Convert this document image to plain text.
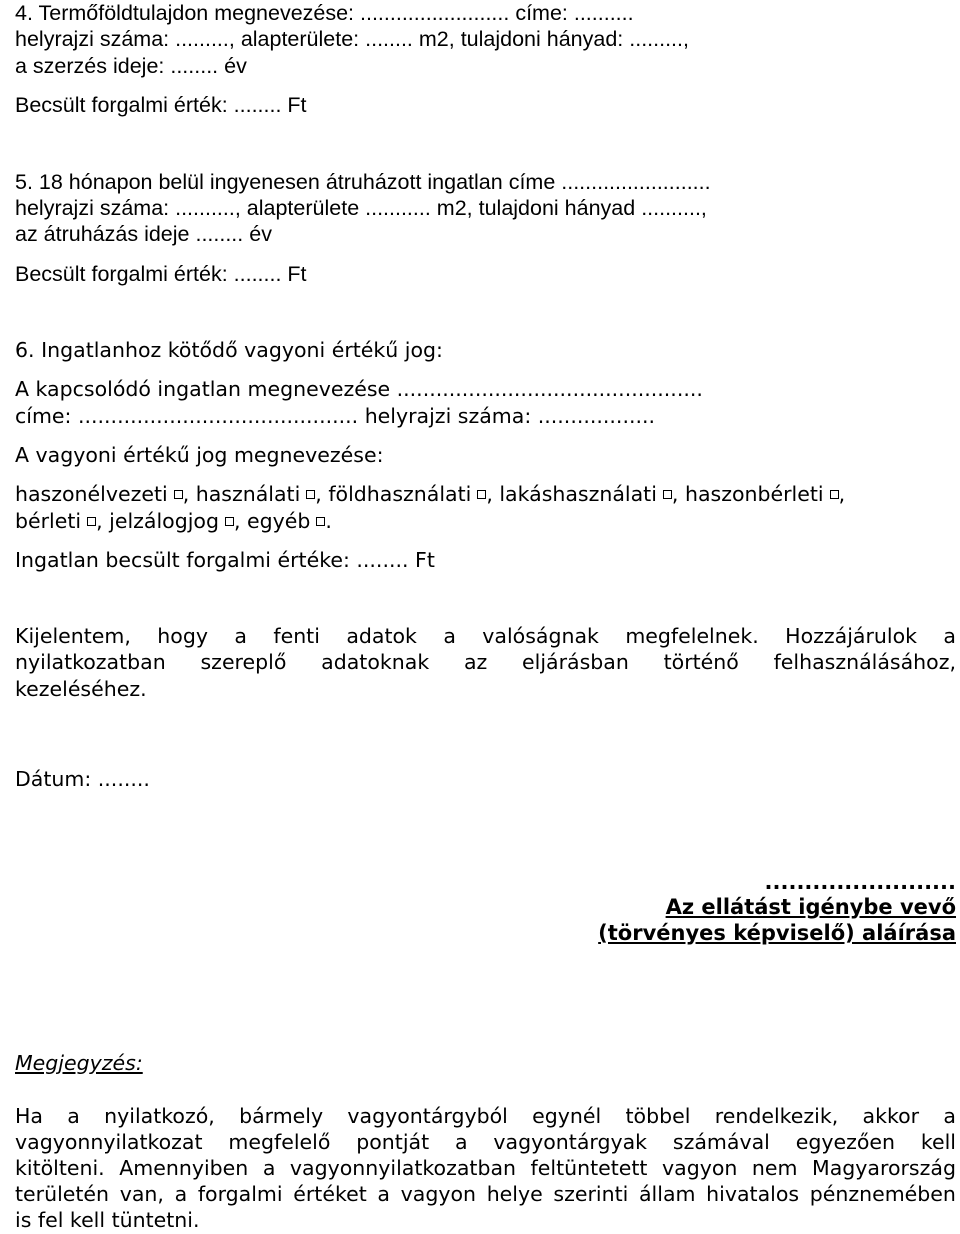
4. Termőföldtulajdon megnevezése: ......................... címe: ..........
helyrajzi száma: ........., alapterülete: ........ m2, tulajdoni hányad: .........,
a szerzés ideje: ........ év
Becsült forgalmi érték: ........ Ft
5. 18 hónapon belül ingyenesen átruházott ingatlan címe .........................
helyrajzi száma: .........., alapterülete ........... m2, tulajdoni hányad ..........,
az átruházás ideje ........ év
Becsült forgalmi érték: ........ Ft
6. Ingatlanhoz kötődő vagyoni értékű jog:
A kapcsolódó ingatlan megnevezése ...............................................
címe: ........................................... helyrajzi száma: ..................
A vagyoni értékű jog megnevezése:
haszonélvezeti , használati , földhasználati , lakáshasználati , haszonbérleti ,
bérleti , jelzálogjog , egyéb .
Ingatlan becsült forgalmi értéke: ........ Ft
Kijelentem, hogy a fenti adatok a valóságnak megfelelnek. Hozzájárulok a
nyilatkozatban szereplő adatoknak az eljárásban történő felhasználásához,
kezeléséhez.
Dátum: ........
........................
Az ellátást igénybe vevő
(törvényes képviselő) aláírása
Megjegyzés:
Ha a nyilatkozó, bármely vagyontárgyból egynél többel rendelkezik, akkor a
vagyonnyilatkozat megfelelő pontját a vagyontárgyak számával egyezően kell
kitölteni. Amennyiben a vagyonnyilatkozatban feltüntetett vagyon nem Magyarország
területén van, a forgalmi értéket a vagyon helye szerinti állam hivatalos pénznemében
is fel kell tüntetni.
